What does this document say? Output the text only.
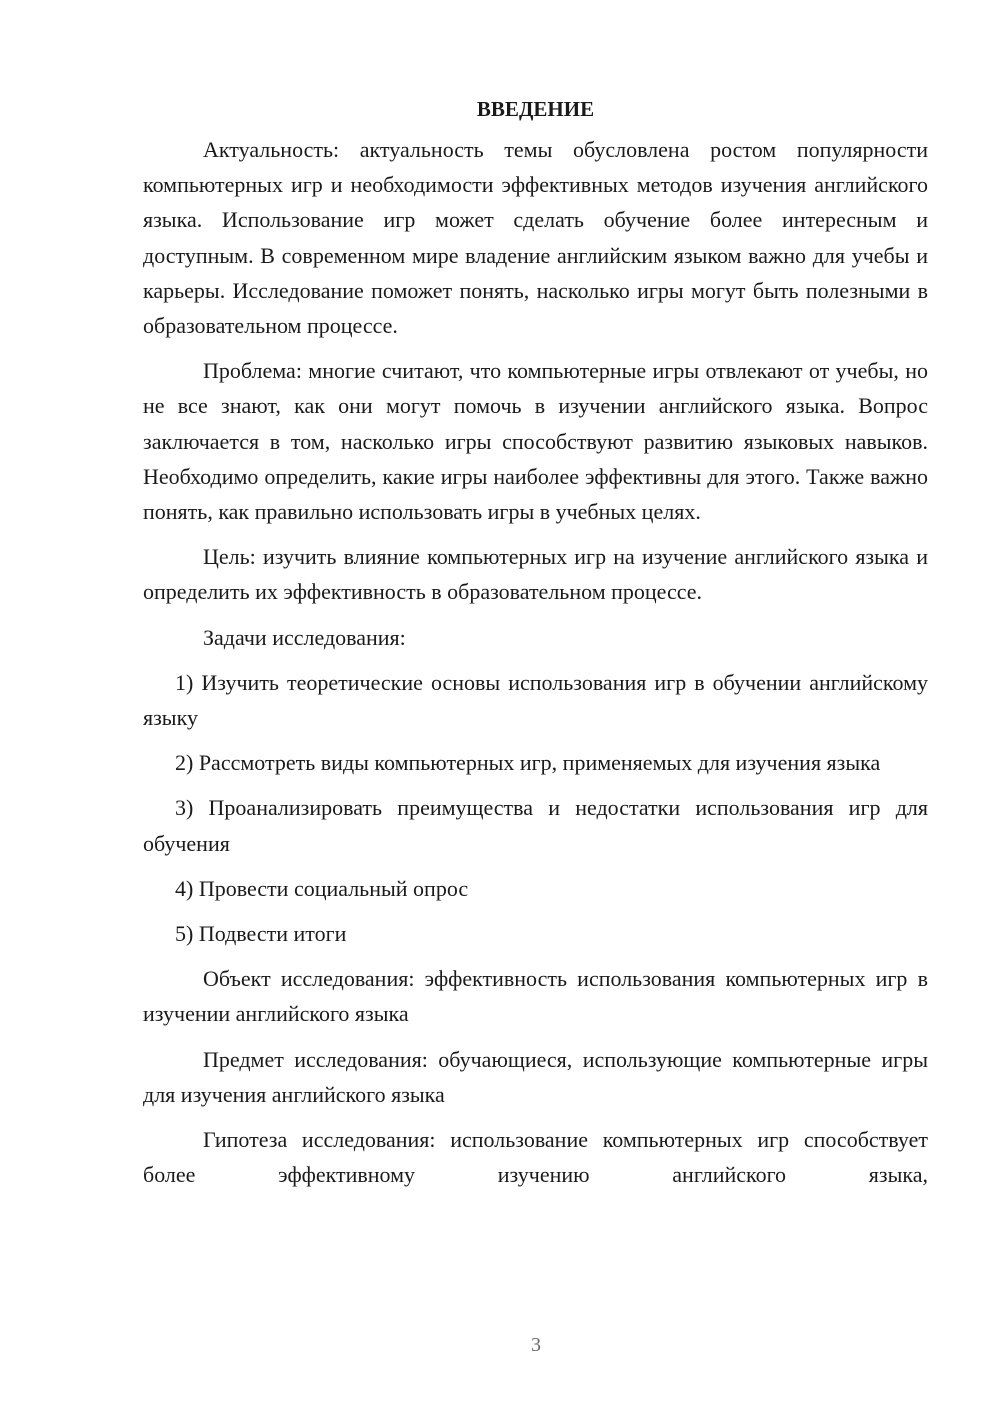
ВВЕДЕНИЕ

Актуальность: актуальность темы обусловлена ростом популярности компьютерных игр и необходимости эффективных методов изучения английского языка. Использование игр может сделать обучение более интересным и доступным. В современном мире владение английским языком важно для учебы и карьеры. Исследование поможет понять, насколько игры могут быть полезными в образовательном процессе.

Проблема: многие считают, что компьютерные игры отвлекают от учебы, но не все знают, как они могут помочь в изучении английского языка. Вопрос заключается в том, насколько игры способствуют развитию языковых навыков. Необходимо определить, какие игры наиболее эффективны для этого. Также важно понять, как правильно использовать игры в учебных целях.

Цель: изучить влияние компьютерных игр на изучение английского языка и определить их эффективность в образовательном процессе.

Задачи исследования:

1) Изучить теоретические основы использования игр в обучении английскому языку

2) Рассмотреть виды компьютерных игр, применяемых для изучения языка

3) Проанализировать преимущества и недостатки использования игр для обучения

4) Провести социальный опрос

5) Подвести итоги

Объект исследования: эффективность использования компьютерных игр в изучении английского языка

Предмет исследования: обучающиеся, использующие компьютерные игры для изучения английского языка

Гипотеза исследования: использование компьютерных игр способствует более эффективному изучению английского языка,

3
